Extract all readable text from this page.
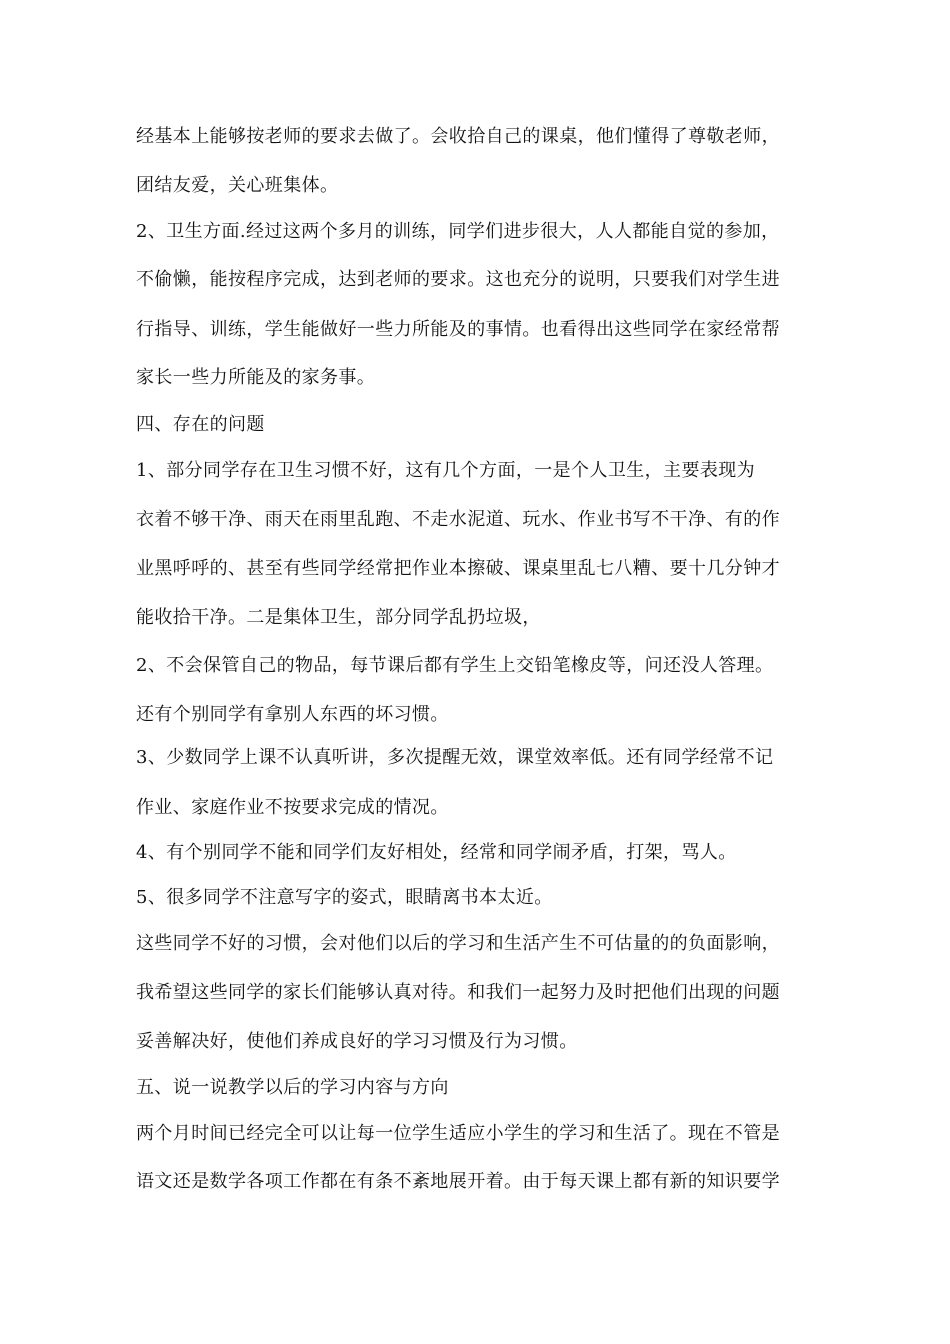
经基本上能够按老师的要求去做了。会收拾自己的课桌，他们懂得了尊敬老师，
团结友爱，关心班集体。
2、卫生方面.经过这两个多月的训练，同学们进步很大，人人都能自觉的参加，
不偷懒，能按程序完成，达到老师的要求。这也充分的说明，只要我们对学生进
行指导、训练，学生能做好一些力所能及的事情。也看得出这些同学在家经常帮
家长一些力所能及的家务事。
四、存在的问题
1、部分同学存在卫生习惯不好，这有几个方面，一是个人卫生，主要表现为
衣着不够干净、雨天在雨里乱跑、不走水泥道、玩水、作业书写不干净、有的作
业黑呼呼的、甚至有些同学经常把作业本擦破、课桌里乱七八糟、要十几分钟才
能收拾干净。二是集体卫生，部分同学乱扔垃圾，
2、不会保管自己的物品，每节课后都有学生上交铅笔橡皮等，问还没人答理。
还有个别同学有拿别人东西的坏习惯。
3、少数同学上课不认真听讲，多次提醒无效，课堂效率低。还有同学经常不记
作业、家庭作业不按要求完成的情况。
4、有个别同学不能和同学们友好相处，经常和同学闹矛盾，打架，骂人。
5、很多同学不注意写字的姿式，眼睛离书本太近。
这些同学不好的习惯，会对他们以后的学习和生活产生不可估量的的负面影响，
我希望这些同学的家长们能够认真对待。和我们一起努力及时把他们出现的问题
妥善解决好，使他们养成良好的学习习惯及行为习惯。
五、说一说教学以后的学习内容与方向
两个月时间已经完全可以让每一位学生适应小学生的学习和生活了。现在不管是
语文还是数学各项工作都在有条不紊地展开着。由于每天课上都有新的知识要学
